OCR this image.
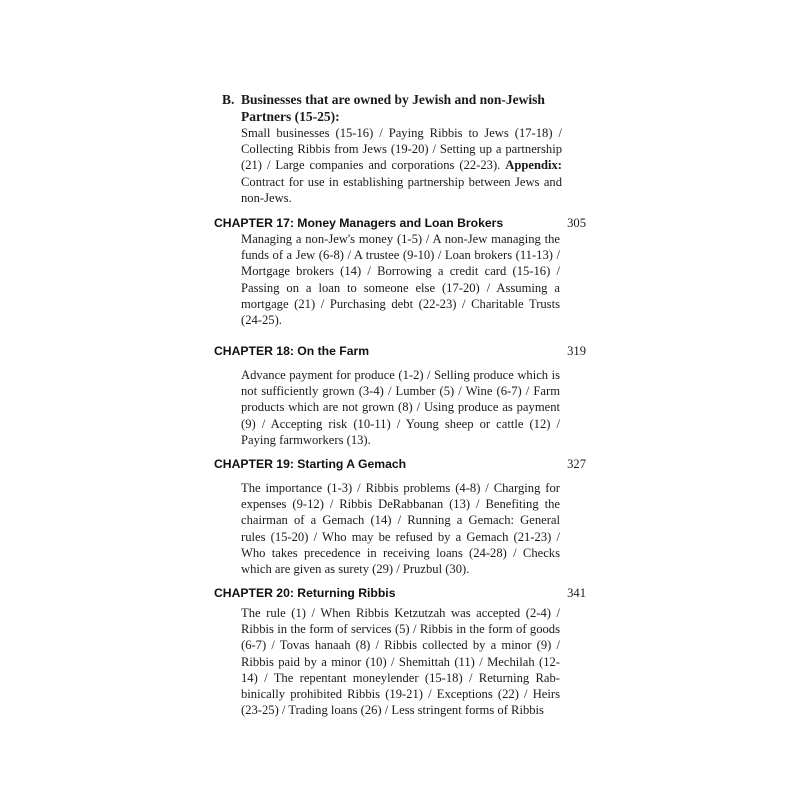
B. Businesses that are owned by Jewish and non-Jewish Partners (15-25):
Small businesses (15-16) / Paying Ribbis to Jews (17-18) / Collecting Ribbis from Jews (19-20) / Setting up a partnership (21) / Large companies and corporations (22-23). Appendix: Contract for use in establishing partnership between Jews and non-Jews.
CHAPTER 17: Money Managers and Loan Brokers	305
Managing a non-Jew's money (1-5) / A non-Jew managing the funds of a Jew (6-8) / A trustee (9-10) / Loan brokers (11-13) / Mortgage brokers (14) / Borrowing a credit card (15-16) / Passing on a loan to someone else (17-20) / Assuming a mortgage (21) / Purchasing debt (22-23) / Charitable Trusts (24-25).
CHAPTER 18: On the Farm	319
Advance payment for produce (1-2) / Selling produce which is not sufficiently grown (3-4) / Lumber (5) / Wine (6-7) / Farm products which are not grown (8) / Using produce as payment (9) / Accepting risk (10-11) / Young sheep or cattle (12) / Paying farmworkers (13).
CHAPTER 19: Starting A Gemach	327
The importance (1-3) / Ribbis problems (4-8) / Charging for expenses (9-12) / Ribbis DeRabbanan (13) / Benefiting the chairman of a Gemach (14) / Running a Gemach: General rules (15-20) / Who may be refused by a Gemach (21-23) / Who takes precedence in receiving loans (24-28) / Checks which are given as surety (29) / Pruzbul (30).
CHAPTER 20: Returning Ribbis	341
The rule (1) / When Ribbis Ketzutzah was accepted (2-4) / Ribbis in the form of services (5) / Ribbis in the form of goods (6-7) / Tovas hanaah (8) / Ribbis collected by a minor (9) / Ribbis paid by a minor (10) / Shemittah (11) / Mechilah (12-14) / The repentant moneylender (15-18) / Returning Rabbinically prohibited Ribbis (19-21) / Exceptions (22) / Heirs (23-25) / Trading loans (26) / Less stringent forms of Ribbis
